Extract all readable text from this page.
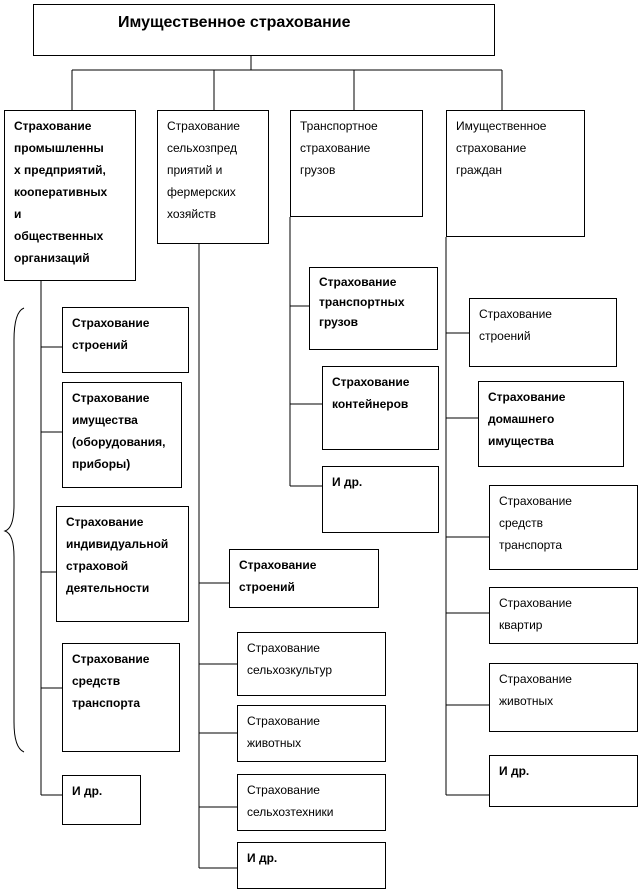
Имущественное страхование
Страхование
промышленны
х предприятий,
кооперативных
и
общественных
организаций
Страхование
сельхозпред
приятий и
фермерских
хозяйств
Транспортное
страхование
грузов
Имущественное
страхование
граждан
Страхование
строений
Страхование
имущества
(оборудования,
приборы)
Страхование
индивидуальной
страховой
деятельности
Страхование
средств
транспорта
И др.
Страхование
строений
Страхование
сельхозкультур
Страхование
животных
Страхование
сельхозтехники
И др.
Страхование
транспортных
грузов
Страхование
контейнеров
И др.
Страхование
строений
Страхование
домашнего
имущества
Страхование
средств
транспорта
Страхование
квартир
Страхование
животных
И др.
